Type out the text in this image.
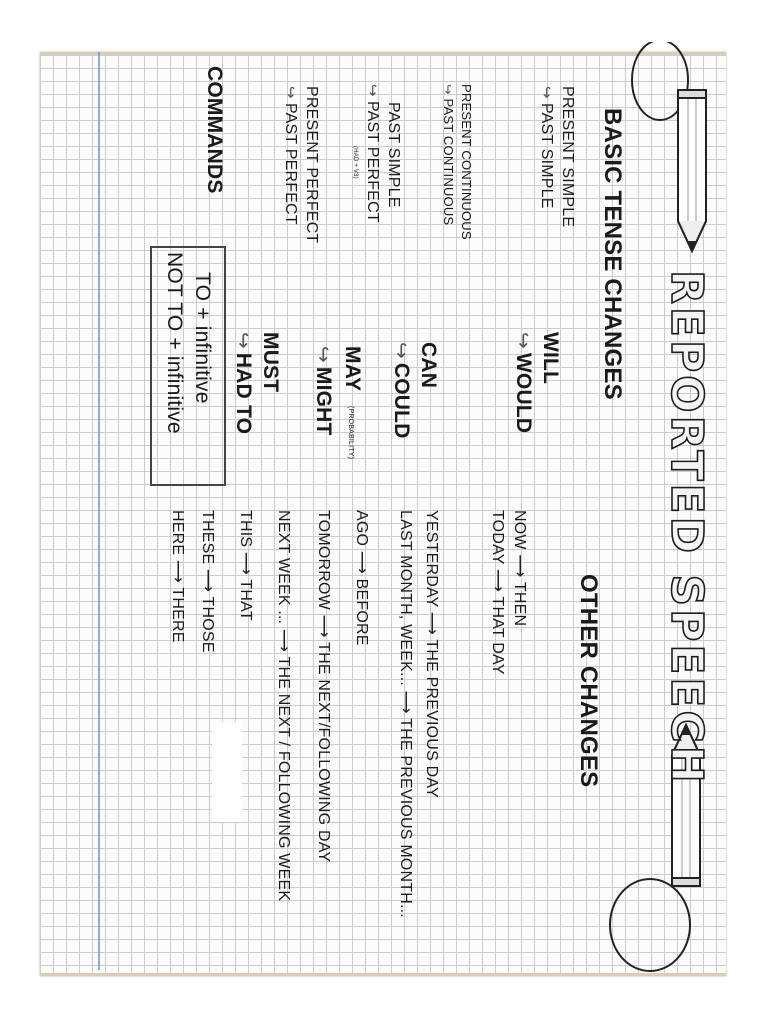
REPORTED SPEECH
BASIC TENSE CHANGES
OTHER CHANGES
PRESENT SIMPLE
↪PAST SIMPLE
PRESENT CONTINUOUS
↪PAST CONTINUOUS
PAST SIMPLE
↪PAST PERFECT
(HAD + V3)
PRESENT PERFECT
↪PAST PERFECT
COMMANDS
WILL
↪WOULD
CAN
↪COULD
MAY
(PROBABILITY)
↪MIGHT
MUST
↪HAD TO
TO + infinitive
NOT TO + infinitive
NOW ⟶ THEN
TODAY ⟶ THAT DAY
YESTERDAY ⟶ THE PREVIOUS DAY
LAST MONTH, WEEK... ⟶ THE PREVIOUS MONTH...
AGO ⟶ BEFORE
TOMORROW ⟶ THE NEXT/FOLLOWING DAY
NEXT WEEK ... ⟶ THE NEXT / FOLLOWING WEEK
THIS ⟶ THAT
THESE ⟶ THOSE
HERE ⟶ THERE
